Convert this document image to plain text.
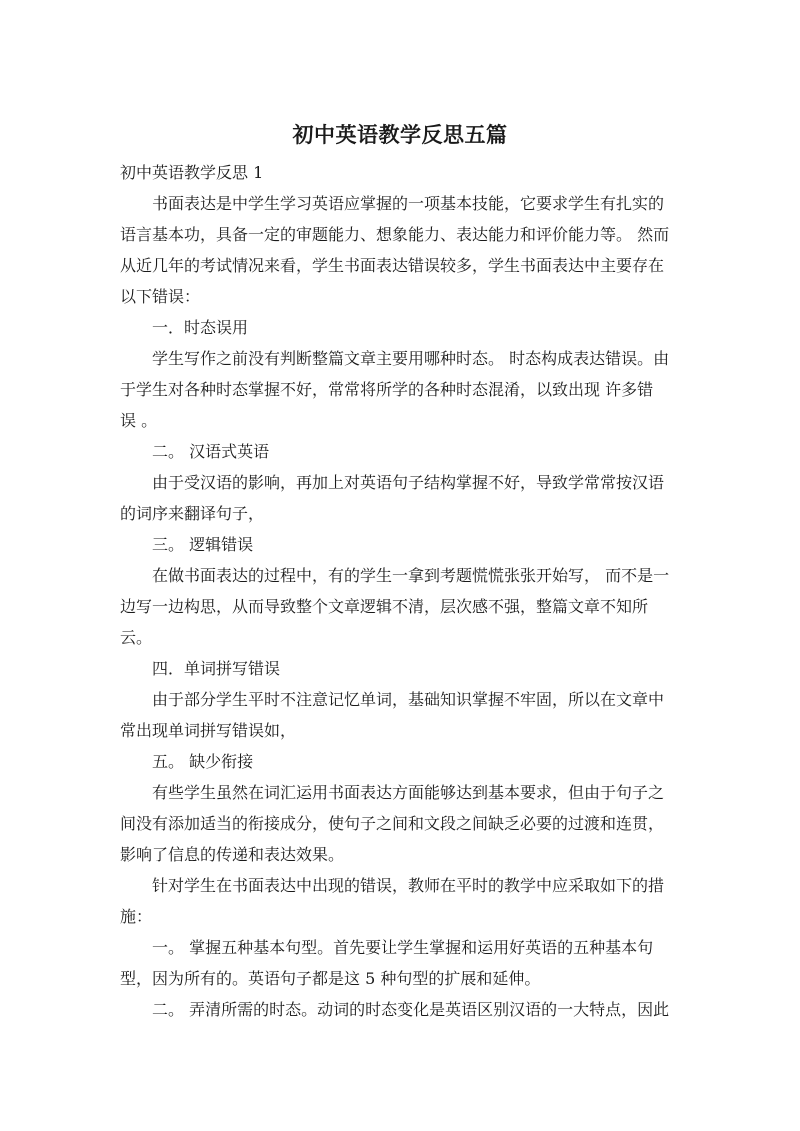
初中英语教学反思五篇

初中英语教学反思 1

　　书面表达是中学生学习英语应掌握的一项基本技能，它要求学生有扎实的

语言基本功，具备一定的审题能力、想象能力、表达能力和评价能力等。 然而

从近几年的考试情况来看，学生书面表达错误较多，学生书面表达中主要存在

以下错误：

　　一．时态误用

　　学生写作之前没有判断整篇文章主要用哪种时态。 时态构成表达错误。由

于学生对各种时态掌握不好，常常将所学的各种时态混淆，以致出现 许多错

误 。

　　二。 汉语式英语

　　由于受汉语的影响，再加上对英语句子结构掌握不好，导致学常常按汉语

的词序来翻译句子，

　　三。 逻辑错误

　　在做书面表达的过程中，有的学生一拿到考题慌慌张张开始写， 而不是一

边写一边构思，从而导致整个文章逻辑不清，层次感不强，整篇文章不知所

云。

　　四．单词拼写错误

　　由于部分学生平时不注意记忆单词，基础知识掌握不牢固，所以在文章中

常出现单词拼写错误如，

　　五。 缺少衔接

　　有些学生虽然在词汇运用书面表达方面能够达到基本要求，但由于句子之

间没有添加适当的衔接成分，使句子之间和文段之间缺乏必要的过渡和连贯，

影响了信息的传递和表达效果。

　　针对学生在书面表达中出现的错误，教师在平时的教学中应采取如下的措

施：

　　一。 掌握五种基本句型。首先要让学生掌握和运用好英语的五种基本句

型，因为所有的。英语句子都是这 5 种句型的扩展和延伸。

　　二。 弄清所需的时态。动词的时态变化是英语区别汉语的一大特点，因此
